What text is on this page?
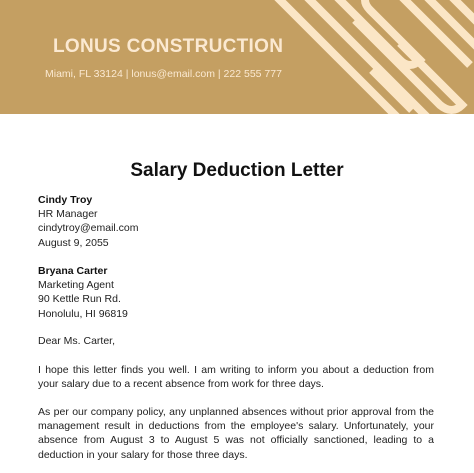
LONUS CONSTRUCTION
Miami, FL 33124 | lonus@email.com | 222 555 777
Salary Deduction Letter
Cindy Troy
HR Manager
cindytroy@email.com
August 9, 2055
Bryana Carter
Marketing Agent
90 Kettle Run Rd.
Honolulu, HI 96819
Dear Ms. Carter,
I hope this letter finds you well. I am writing to inform you about a deduction from your salary due to a recent absence from work for three days.
As per our company policy, any unplanned absences without prior approval from the management result in deductions from the employee's salary. Unfortunately, your absence from August 3 to August 5 was not officially sanctioned, leading to a deduction in your salary for those three days.
